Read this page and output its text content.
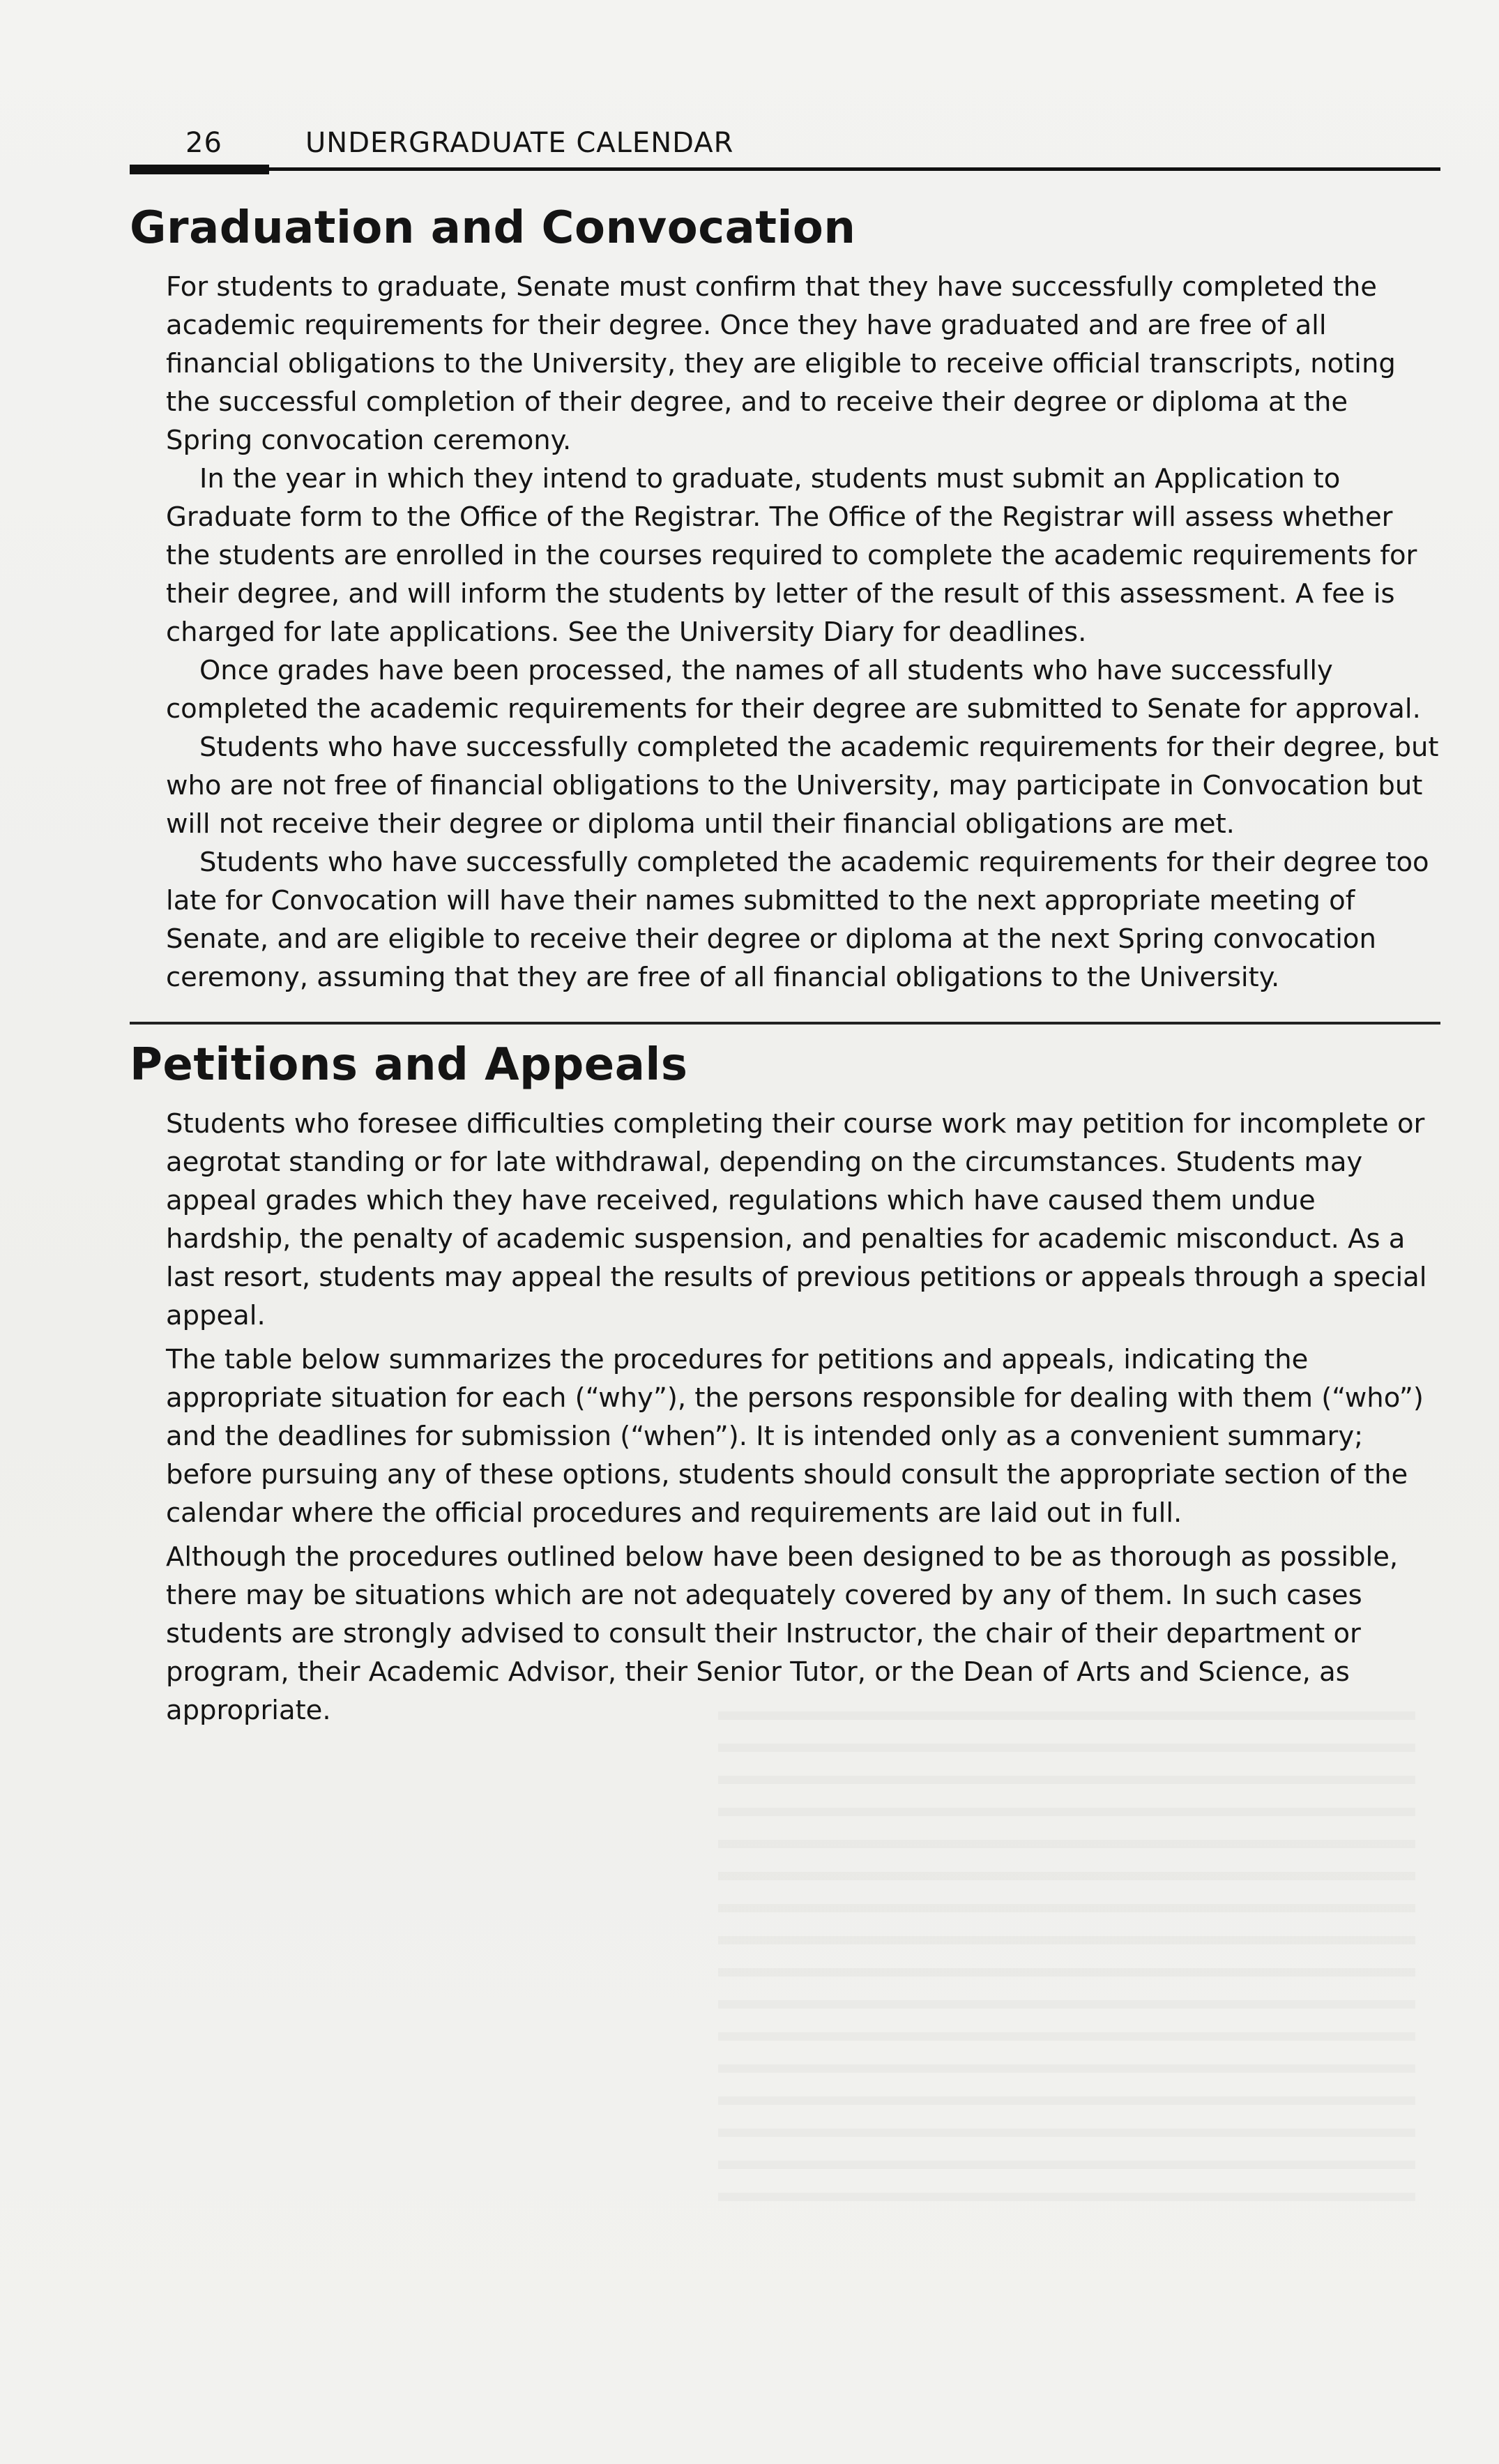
26	UNDERGRADUATE CALENDAR
Graduation and Convocation

For students to graduate, Senate must confirm that they have successfully completed the academic requirements for their degree. Once they have graduated and are free of all financial obligations to the University, they are eligible to receive official transcripts, noting the successful completion of their degree, and to receive their degree or diploma at the Spring convocation ceremony.

In the year in which they intend to graduate, students must submit an Application to Graduate form to the Office of the Registrar. The Office of the Registrar will assess whether the students are enrolled in the courses required to complete the academic requirements for their degree, and will inform the students by letter of the result of this assessment. A fee is charged for late applications. See the University Diary for deadlines.

Once grades have been processed, the names of all students who have successfully completed the academic requirements for their degree are submitted to Senate for approval.

Students who have successfully completed the academic requirements for their degree, but who are not free of financial obligations to the University, may participate in Convocation but will not receive their degree or diploma until their financial obligations are met.

Students who have successfully completed the academic requirements for their degree too late for Convocation will have their names submitted to the next appropriate meeting of Senate, and are eligible to receive their degree or diploma at the next Spring convocation ceremony, assuming that they are free of all financial obligations to the University.

Petitions and Appeals

Students who foresee difficulties completing their course work may petition for incomplete or aegrotat standing or for late withdrawal, depending on the circumstances. Students may appeal grades which they have received, regulations which have caused them undue hardship, the penalty of academic suspension, and penalties for academic misconduct. As a last resort, students may appeal the results of previous petitions or appeals through a special appeal.

The table below summarizes the procedures for petitions and appeals, indicating the appropriate situation for each (“why”), the persons responsible for dealing with them (“who”) and the deadlines for submission (“when”). It is intended only as a convenient summary; before pursuing any of these options, students should consult the appropriate section of the calendar where the official procedures and requirements are laid out in full.

Although the procedures outlined below have been designed to be as thorough as possible, there may be situations which are not adequately covered by any of them. In such cases students are strongly advised to consult their Instructor, the chair of their department or program, their Academic Advisor, their Senior Tutor, or the Dean of Arts and Science, as appropriate.
